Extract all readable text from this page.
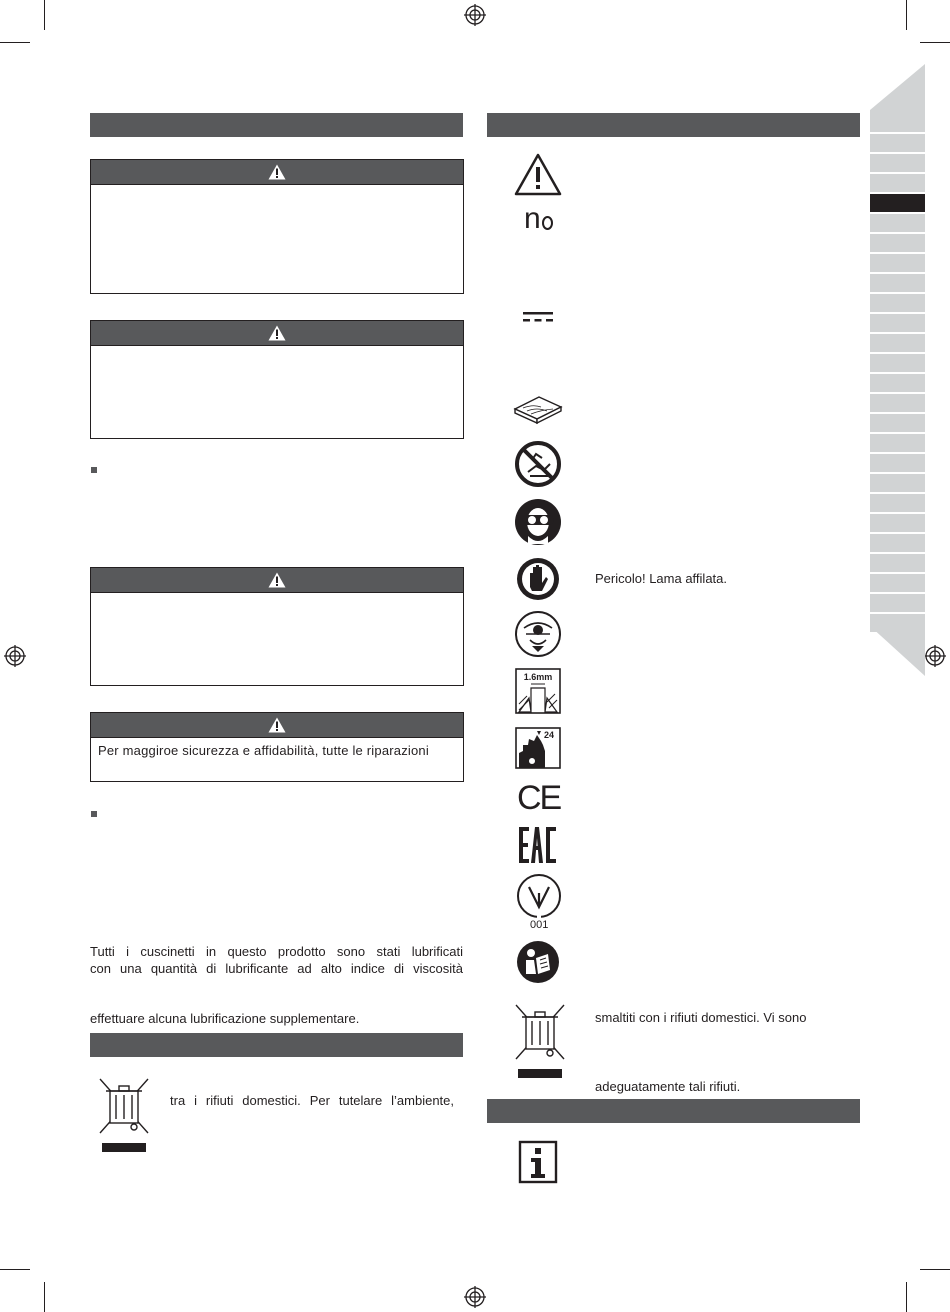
Per maggiroe sicurezza e affidabilità, tutte le riparazioni
Tutti i cuscinetti in questo prodotto sono stati lubrificati
con una quantità di lubrificante ad alto indice di viscosità
effettuare alcuna lubrificazione supplementare.
tra i rifiuti domestici. Per tutelare l’ambiente,
n
Pericolo! Lama affilata.
1.6mm
24
CE
001
smaltiti con i rifiuti domestici. Vi sono
adeguatamente tali rifiuti.
